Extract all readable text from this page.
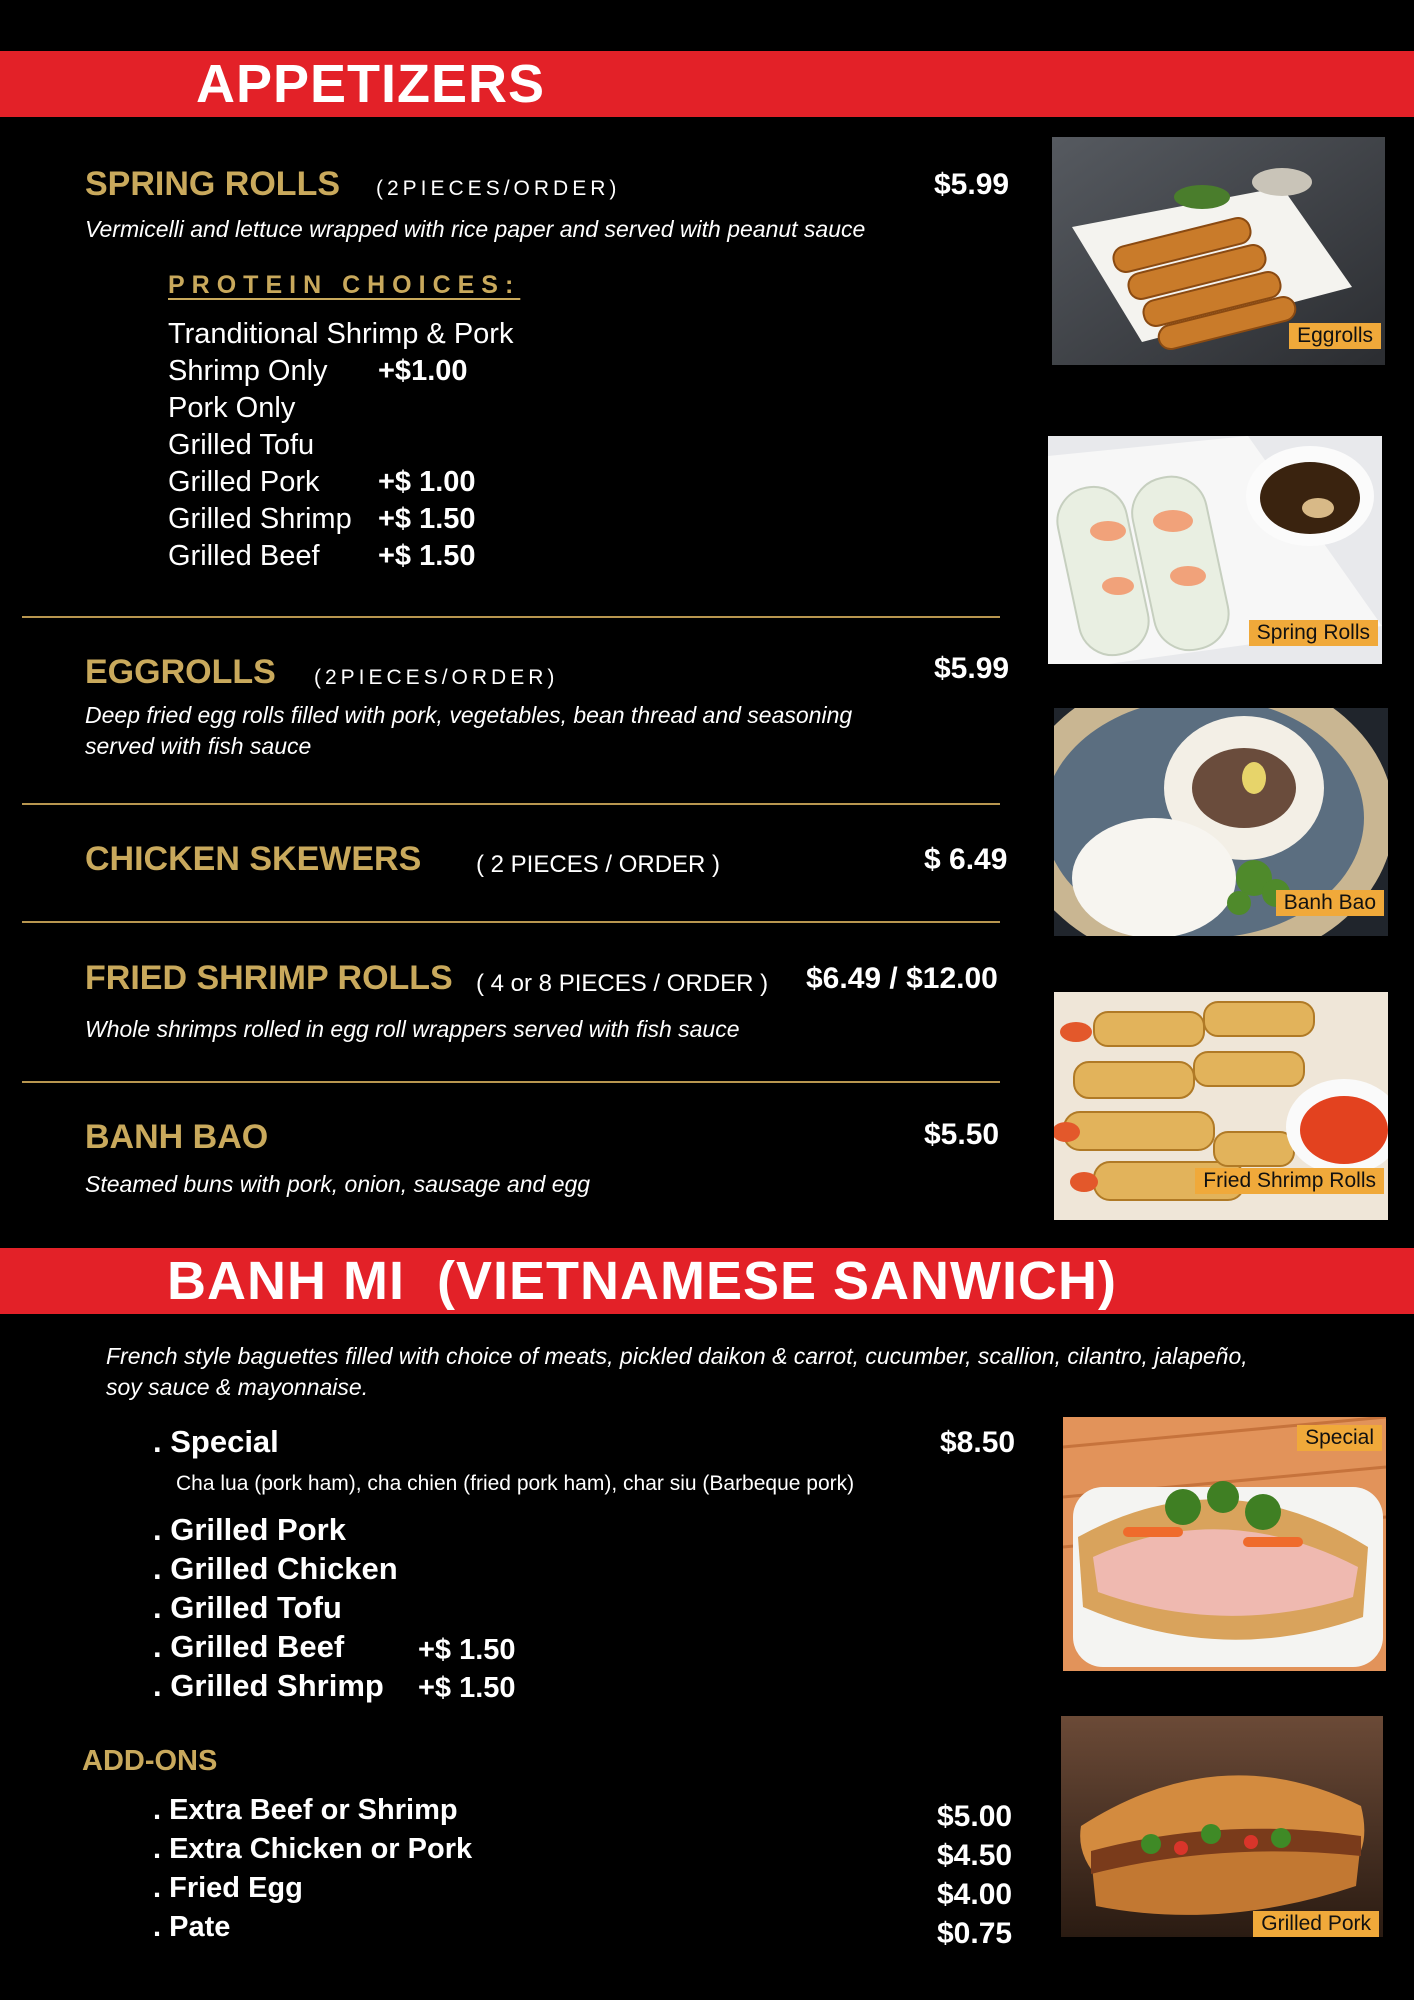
APPETIZERS
SPRING ROLLS (2PIECES/ORDER)	$5.99
Vermicelli and lettuce wrapped with rice paper and served with peanut sauce
PROTEIN CHOICES:
Tranditional Shrimp & Pork
Shrimp Only +$1.00
Pork Only
Grilled Tofu
Grilled Pork +$ 1.00
Grilled Shrimp +$ 1.50
Grilled Beef +$ 1.50
EGGROLLS (2PIECES/ORDER)	$5.99
Deep fried egg rolls filled with pork, vegetables, bean thread and seasoning
served with fish sauce
CHICKEN SKEWERS ( 2 PIECES / ORDER )	$ 6.49
FRIED SHRIMP ROLLS ( 4 or 8 PIECES / ORDER ) $6.49 / $12.00
Whole shrimps rolled in egg roll wrappers served with fish sauce
BANH BAO	$5.50
Steamed buns with pork, onion, sausage and egg
Eggrolls
Spring Rolls
Banh Bao
Fried Shrimp Rolls
BANH MI  (VIETNAMESE SANWICH)
French style baguettes filled with choice of meats, pickled daikon & carrot, cucumber, scallion, cilantro, jalapeño,
soy sauce & mayonnaise.
. Special	$8.50
Cha lua (pork ham), cha chien (fried pork ham), char siu (Barbeque pork)
. Grilled Pork
. Grilled Chicken
. Grilled Tofu
. Grilled Beef	+$ 1.50
. Grilled Shrimp +$ 1.50
ADD-ONS
. Extra Beef or Shrimp	$5.00
. Extra Chicken or Pork	$4.50
. Fried Egg	$4.00
. Pate	$0.75
Special
Grilled Pork
